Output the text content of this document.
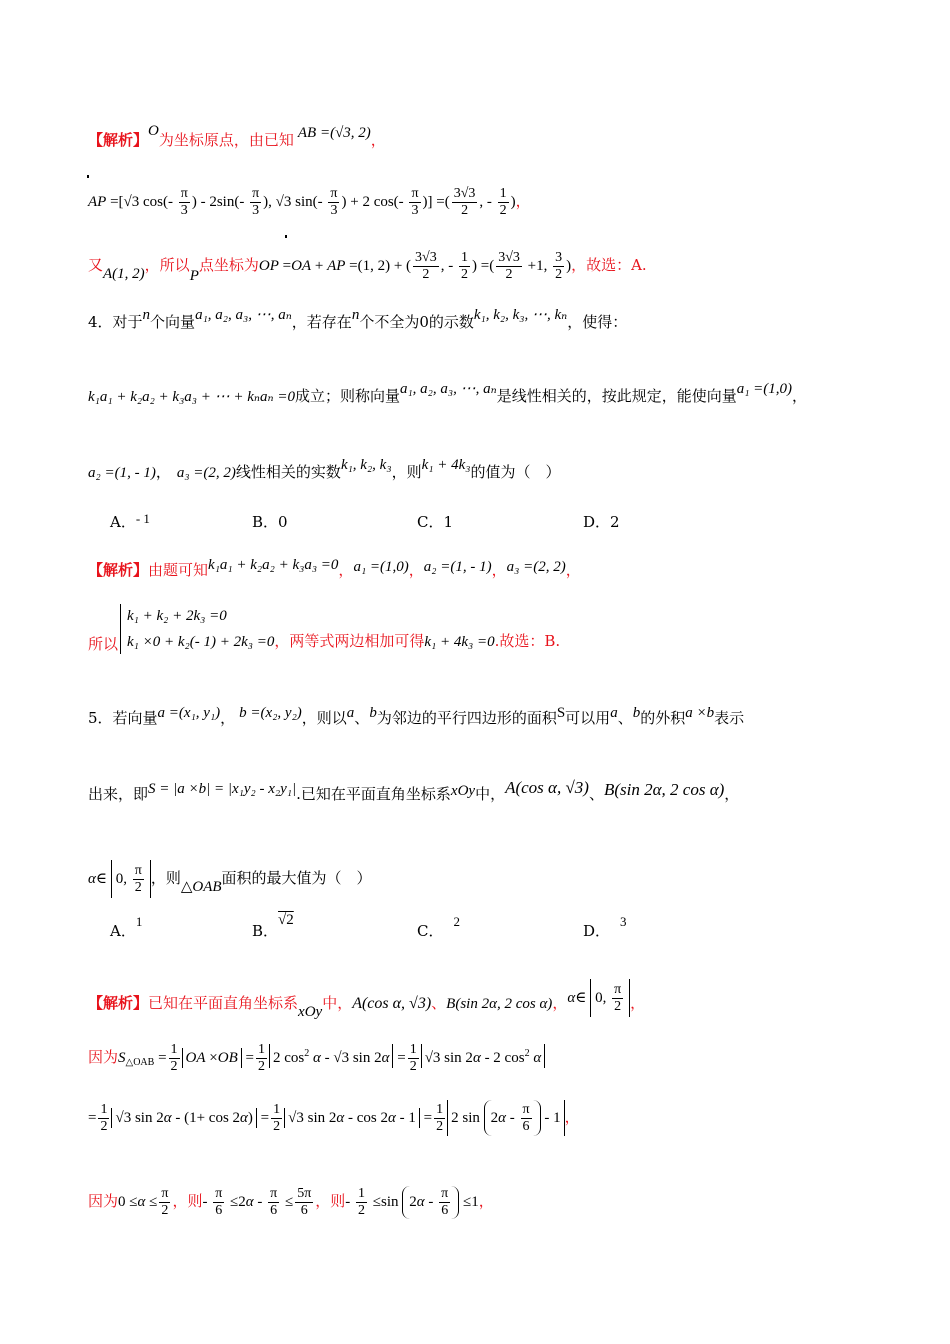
【解析】O为坐标原点，由已知 AB =(√3, 2)，
AP =[√3 $\cos(- \frac{\pi}{3}$ ) - $2\sin(- \frac{\pi}{3}$ ), √3 $\sin(- \frac{\pi}{3}$ ) + 2 $\cos(- \frac{\pi}{3}$ )] =( $\frac{3√3}{2}$ , - $\frac{1}{2}$ )，
又A(1, 2)，所以P点坐标为OP =OA + AP =(1, 2) + ( $\frac{3√3}{2}$ , - $\frac{1}{2}$ ) =( $\frac{3√3}{2} +1$, $\frac{3}{2}$ )，故选：A.
4．对于n个向量a₁, a₂, a₃, ⋯, aₙ，若存在n个不全为0的示数k₁, k₂, k₃, ⋯, kₙ，使得：
k₁a₁ + k₂a₂ + k₃a₃ + ⋯ + kₙaₙ =0成立；则称向量a₁, a₂, a₃, ⋯, aₙ是线性相关的，按此规定，能使向量a₁ =(1,0)，
a₂ =(1, - 1)， a₃ =(2, 2)线性相关的实数k₁, k₂, k₃，则k₁ + 4k₃的值为（　）
A．- 1	B．0	C．1	D．2
【解析】由题可知k₁a₁ + k₂a₂ + k₃a₃ =0，a₁ =(1,0)，a₂ =(1, - 1)，a₃ =(2, 2)，
所以
k₁ + k₂ + 2k₃ =0
k₁ ×0 + k₂(- 1) + 2k₃ =0，两等式两边相加可得k₁ + 4k₃ =0.故选：B.
5．若向量a =(x₁, y₁)， b =(x₂, y₂)，则以a、b为邻边的平行四边形的面积S可以用a、b的外积a ×b表示
出来，即S = |a ×b| = |x₁y₂ - x₂y₁|.已知在平面直角坐标系xOy中，A(cos α, √3)、B(sin 2α, 2 cos α)，
α∈ 0, $\frac{\pi}{2}$ ，则△OAB面积的最大值为（　）
A．1
B．√2
C．2
D．3
【解析】已知在平面直角坐标系xOy中，A(cos α, √3)、B(sin 2α, 2 cos α)，α∈ 0, $\frac{\pi}{2}$ ，
因为$S_{\triangle OAB} = \frac{1}{2}$ OA $\times OB = \frac{1}{2} 2$ $\cos^2 \alpha - √3$ $\sin 2\alpha = \frac{1}{2} √3$ sin 2α - 2 $\cos^2 \alpha$
= $\frac{1}{2} √3$ $\sin 2\alpha - (1+ \cos 2\alpha) = \frac{1}{2} √3$ $\sin 2\alpha - \cos 2\alpha - 1 = \frac{1}{2} 2$ $\sin 2\alpha - \frac{\pi}{6} - 1$ ，
因为$0 \le\alpha \le \frac{\pi}{2}$ ，则- $\frac{\pi}{6} \le 2\alpha - \frac{\pi}{6} \le \frac{5\pi}{6}$ ，则- $\frac{1}{2} \le\sin$ $2\alpha - \frac{\pi}{6} \le 1$，
